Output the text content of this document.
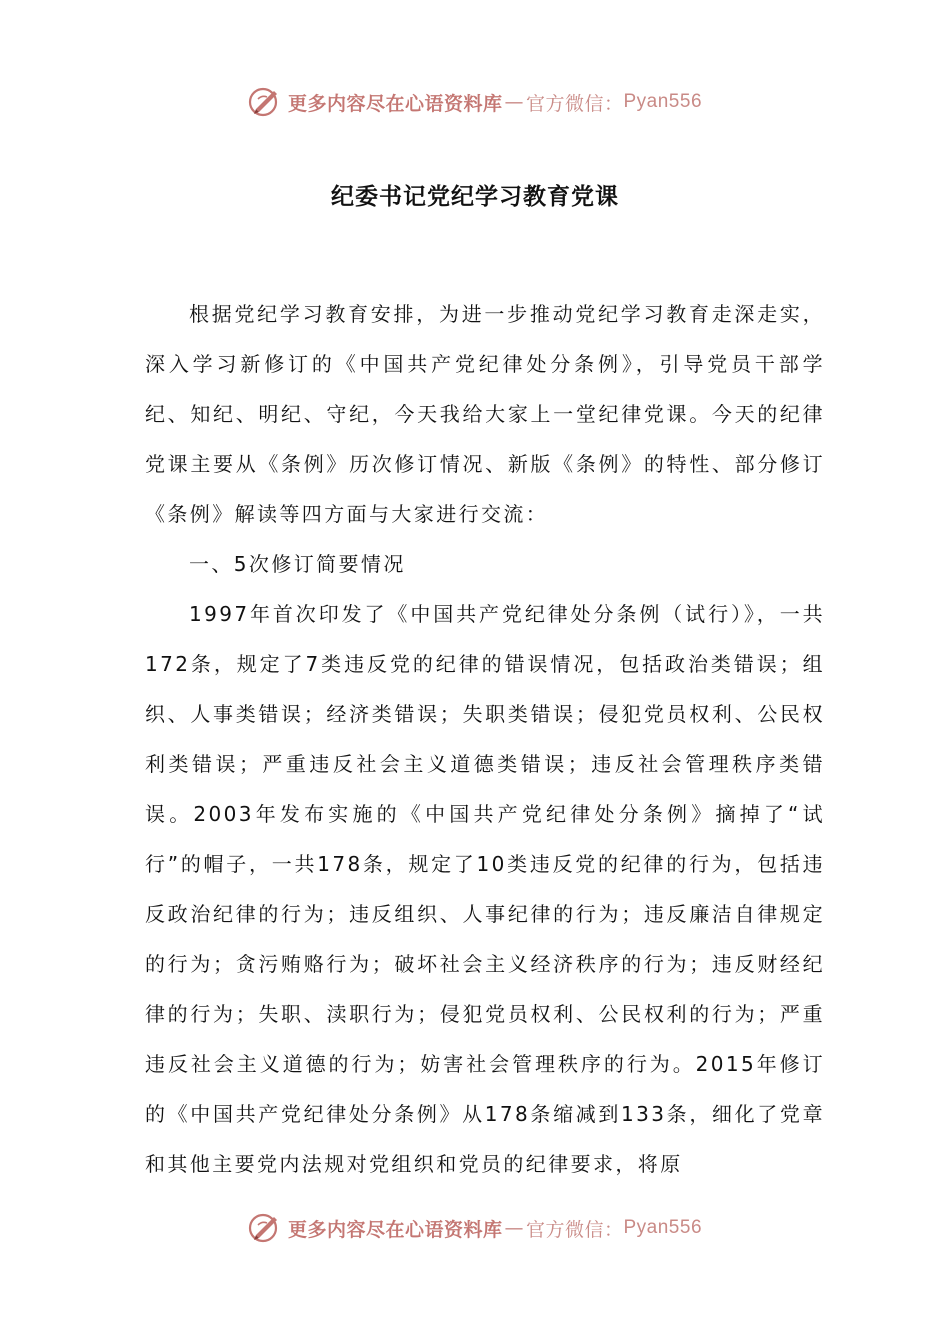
更多内容尽在心语资料库 — 官方微信： Pyan556
纪委书记党纪学习教育党课

根据党纪学习教育安排，为进一步推动党纪学习教育走深走实，深入学习新修订的《中国共产党纪律处分条例》，引导党员干部学纪、知纪、明纪、守纪，今天我给大家上一堂纪律党课。今天的纪律党课主要从《条例》历次修订情况、新版《条例》的特性、部分修订《条例》解读等四方面与大家进行交流：

一、5次修订简要情况

1997年首次印发了《中国共产党纪律处分条例（试行）》，一共172条，规定了7类违反党的纪律的错误情况，包括政治类错误；组织、人事类错误；经济类错误；失职类错误；侵犯党员权利、公民权利类错误；严重违反社会主义道德类错误；违反社会管理秩序类错误。2003年发布实施的《中国共产党纪律处分条例》摘掉了“试行”的帽子，一共178条，规定了10类违反党的纪律的行为，包括违反政治纪律的行为；违反组织、人事纪律的行为；违反廉洁自律规定的行为；贪污贿赂行为；破坏社会主义经济秩序的行为；违反财经纪律的行为；失职、渎职行为；侵犯党员权利、公民权利的行为；严重违反社会主义道德的行为；妨害社会管理秩序的行为。2015年修订的《中国共产党纪律处分条例》从178条缩减到133条，细化了党章和其他主要党内法规对党组织和党员的纪律要求，将原

更多内容尽在心语资料库 — 官方微信： Pyan556
